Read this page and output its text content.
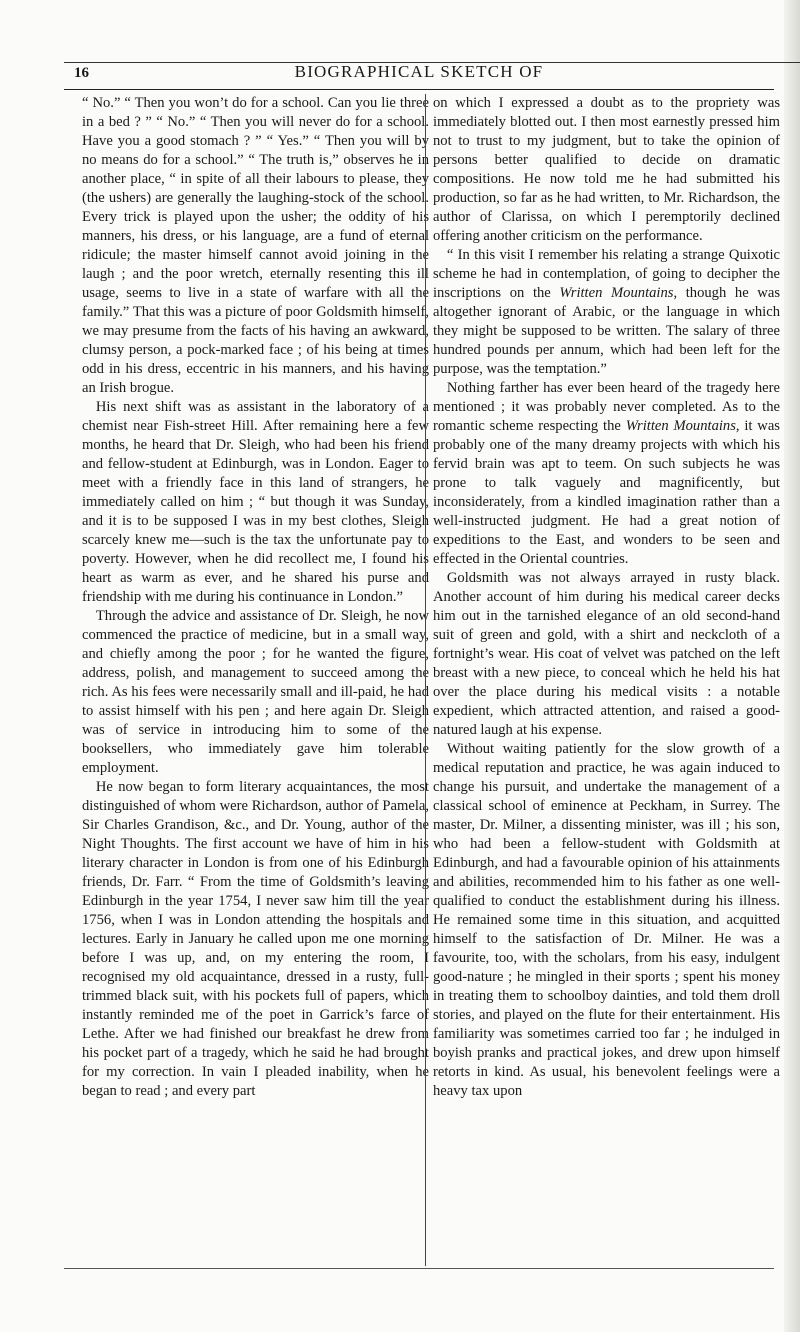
16	BIOGRAPHICAL SKETCH OF

“ No.” “ Then you won’t do for a school. Can you lie three in a bed ? ” “ No.” “ Then you will never do for a school. Have you a good stomach ? ” “ Yes.” “ Then you will by no means do for a school.” “ The truth is,” observes he in another place, “ in spite of all their labours to please, they (the ushers) are generally the laughing-stock of the school. Every trick is played upon the usher; the oddity of his manners, his dress, or his language, are a fund of eternal ridicule; the master himself cannot avoid joining in the laugh ; and the poor wretch, eternally resenting this ill usage, seems to live in a state of warfare with all the family.” That this was a picture of poor Goldsmith himself, we may presume from the facts of his having an awkward, clumsy person, a pock-marked face ; of his being at times odd in his dress, eccentric in his manners, and his having an Irish brogue.

His next shift was as assistant in the laboratory of a chemist near Fish-street Hill. After remaining here a few months, he heard that Dr. Sleigh, who had been his friend and fellow-student at Edinburgh, was in London. Eager to meet with a friendly face in this land of strangers, he immediately called on him ; “ but though it was Sunday, and it is to be supposed I was in my best clothes, Sleigh scarcely knew me—such is the tax the unfortunate pay to poverty. However, when he did recollect me, I found his heart as warm as ever, and he shared his purse and friendship with me during his continuance in London.”

Through the advice and assistance of Dr. Sleigh, he now commenced the practice of medicine, but in a small way, and chiefly among the poor ; for he wanted the figure, address, polish, and management to succeed among the rich. As his fees were necessarily small and ill-paid, he had to assist himself with his pen ; and here again Dr. Sleigh was of service in introducing him to some of the booksellers, who immediately gave him tolerable employment.

He now began to form literary acquaintances, the most distinguished of whom were Richardson, author of Pamela, Sir Charles Grandison, &c., and Dr. Young, author of the Night Thoughts. The first account we have of him in his literary character in London is from one of his Edinburgh friends, Dr. Farr. “ From the time of Goldsmith’s leaving Edinburgh in the year 1754, I never saw him till the year 1756, when I was in London attending the hospitals and lectures. Early in January he called upon me one morning before I was up, and, on my entering the room, I recognised my old acquaintance, dressed in a rusty, full-trimmed black suit, with his pockets full of papers, which instantly reminded me of the poet in Garrick’s farce of Lethe. After we had finished our breakfast he drew from his pocket part of a tragedy, which he said he had brought for my correction. In vain I pleaded inability, when he began to read ; and every part

on which I expressed a doubt as to the propriety was immediately blotted out. I then most earnestly pressed him not to trust to my judgment, but to take the opinion of persons better qualified to decide on dramatic compositions. He now told me he had submitted his production, so far as he had written, to Mr. Richardson, the author of Clarissa, on which I peremptorily declined offering another criticism on the performance.

“ In this visit I remember his relating a strange Quixotic scheme he had in contemplation, of going to decipher the inscriptions on the Written Mountains, though he was altogether ignorant of Arabic, or the language in which they might be supposed to be written. The salary of three hundred pounds per annum, which had been left for the purpose, was the temptation.”

Nothing farther has ever been heard of the tragedy here mentioned ; it was probably never completed. As to the romantic scheme respecting the Written Mountains, it was probably one of the many dreamy projects with which his fervid brain was apt to teem. On such subjects he was prone to talk vaguely and magnificently, but inconsiderately, from a kindled imagination rather than a well-instructed judgment. He had a great notion of expeditions to the East, and wonders to be seen and effected in the Oriental countries.

Goldsmith was not always arrayed in rusty black. Another account of him during his medical career decks him out in the tarnished elegance of an old second-hand suit of green and gold, with a shirt and neckcloth of a fortnight’s wear. His coat of velvet was patched on the left breast with a new piece, to conceal which he held his hat over the place during his medical visits : a notable expedient, which attracted attention, and raised a good-natured laugh at his expense.

Without waiting patiently for the slow growth of a medical reputation and practice, he was again induced to change his pursuit, and undertake the management of a classical school of eminence at Peckham, in Surrey. The master, Dr. Milner, a dissenting minister, was ill ; his son, who had been a fellow-student with Goldsmith at Edinburgh, and had a favourable opinion of his attainments and abilities, recommended him to his father as one well-qualified to conduct the establishment during his illness. He remained some time in this situation, and acquitted himself to the satisfaction of Dr. Milner. He was a favourite, too, with the scholars, from his easy, indulgent good-nature ; he mingled in their sports ; spent his money in treating them to schoolboy dainties, and told them droll stories, and played on the flute for their entertainment. His familiarity was sometimes carried too far ; he indulged in boyish pranks and practical jokes, and drew upon himself retorts in kind. As usual, his benevolent feelings were a heavy tax upon
